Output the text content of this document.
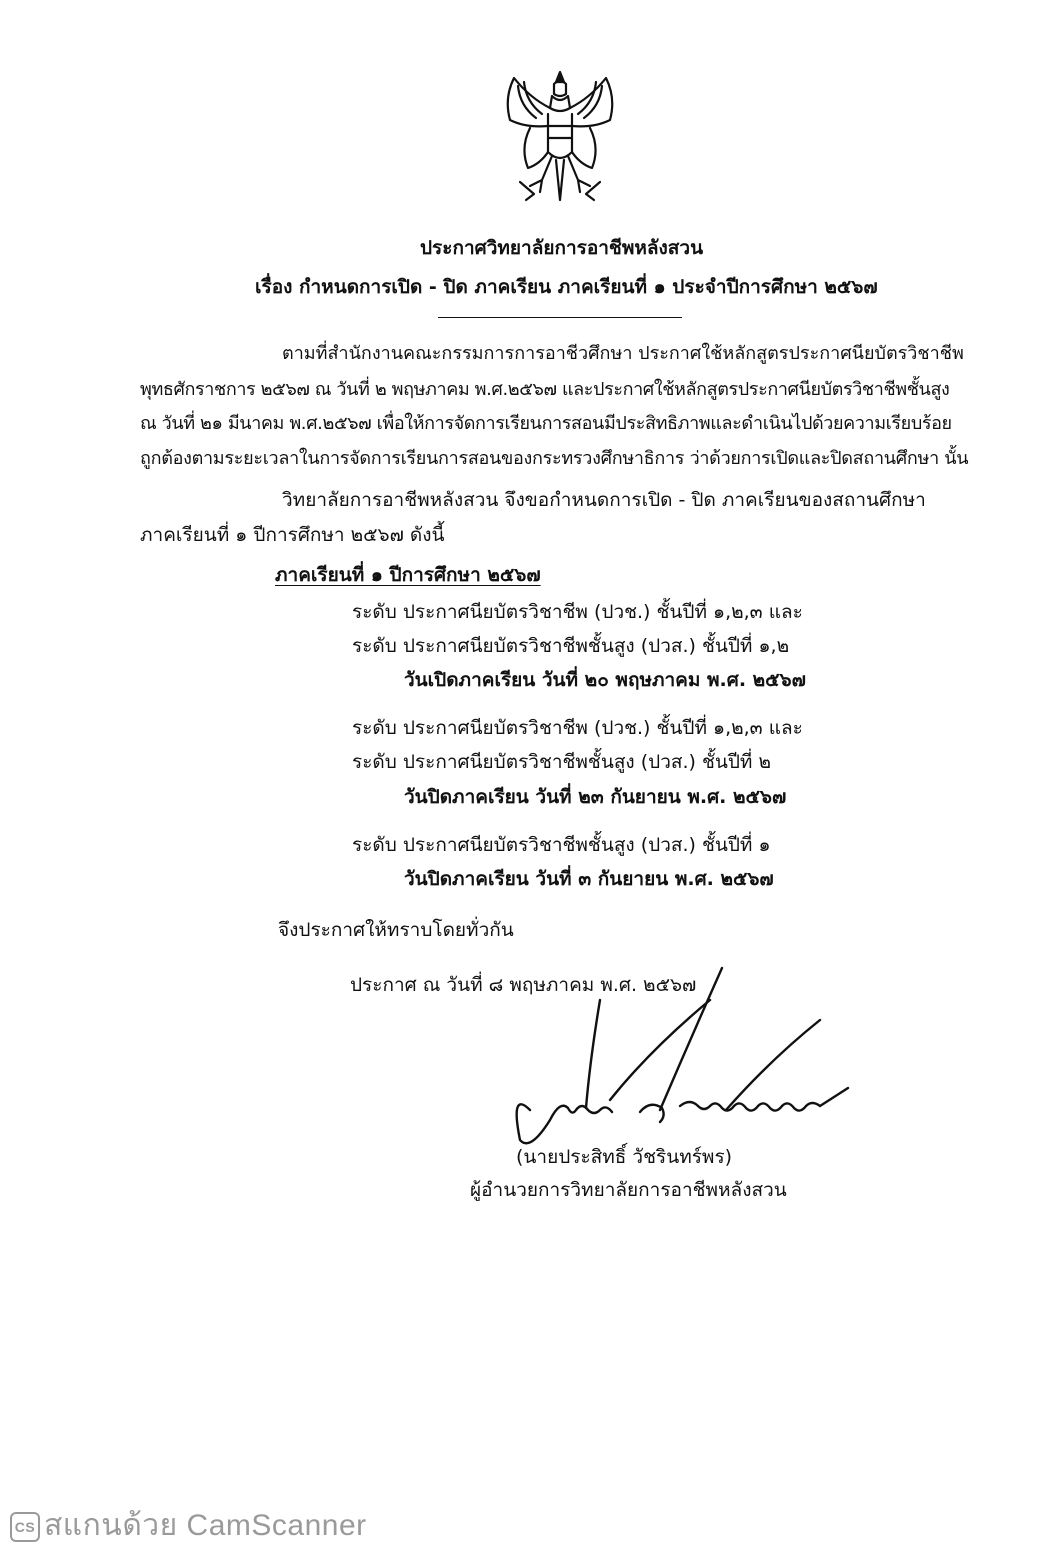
ประกาศวิทยาลัยการอาชีพหลังสวน
เรื่อง กำหนดการเปิด - ปิด ภาคเรียน ภาคเรียนที่ ๑ ประจำปีการศึกษา ๒๕๖๗
ตามที่สำนักงานคณะกรรมการการอาชีวศึกษา ประกาศใช้หลักสูตรประกาศนียบัตรวิชาชีพ
พุทธศักราชการ ๒๕๖๗ ณ วันที่ ๒ พฤษภาคม พ.ศ.๒๕๖๗ และประกาศใช้หลักสูตรประกาศนียบัตรวิชาชีพชั้นสูง
ณ วันที่ ๒๑ มีนาคม พ.ศ.๒๕๖๗ เพื่อให้การจัดการเรียนการสอนมีประสิทธิภาพและดำเนินไปด้วยความเรียบร้อย
ถูกต้องตามระยะเวลาในการจัดการเรียนการสอนของกระทรวงศึกษาธิการ ว่าด้วยการเปิดและปิดสถานศึกษา นั้น
วิทยาลัยการอาชีพหลังสวน จึงขอกำหนดการเปิด - ปิด ภาคเรียนของสถานศึกษา
ภาคเรียนที่ ๑ ปีการศึกษา ๒๕๖๗ ดังนี้
ภาคเรียนที่ ๑ ปีการศึกษา ๒๕๖๗
ระดับ ประกาศนียบัตรวิชาชีพ (ปวช.) ชั้นปีที่ ๑,๒,๓ และ
ระดับ ประกาศนียบัตรวิชาชีพชั้นสูง (ปวส.) ชั้นปีที่ ๑,๒
วันเปิดภาคเรียน วันที่ ๒๐ พฤษภาคม พ.ศ. ๒๕๖๗
ระดับ ประกาศนียบัตรวิชาชีพ (ปวช.) ชั้นปีที่ ๑,๒,๓ และ
ระดับ ประกาศนียบัตรวิชาชีพชั้นสูง (ปวส.) ชั้นปีที่ ๒
วันปิดภาคเรียน วันที่ ๒๓ กันยายน พ.ศ. ๒๕๖๗
ระดับ ประกาศนียบัตรวิชาชีพชั้นสูง (ปวส.) ชั้นปีที่ ๑
วันปิดภาคเรียน วันที่ ๓ กันยายน พ.ศ. ๒๕๖๗
จึงประกาศให้ทราบโดยทั่วกัน
ประกาศ ณ วันที่ ๘ พฤษภาคม พ.ศ. ๒๕๖๗
(นายประสิทธิ์ วัชรินทร์พร)
ผู้อำนวยการวิทยาลัยการอาชีพหลังสวน
CS สแกนด้วย CamScanner
